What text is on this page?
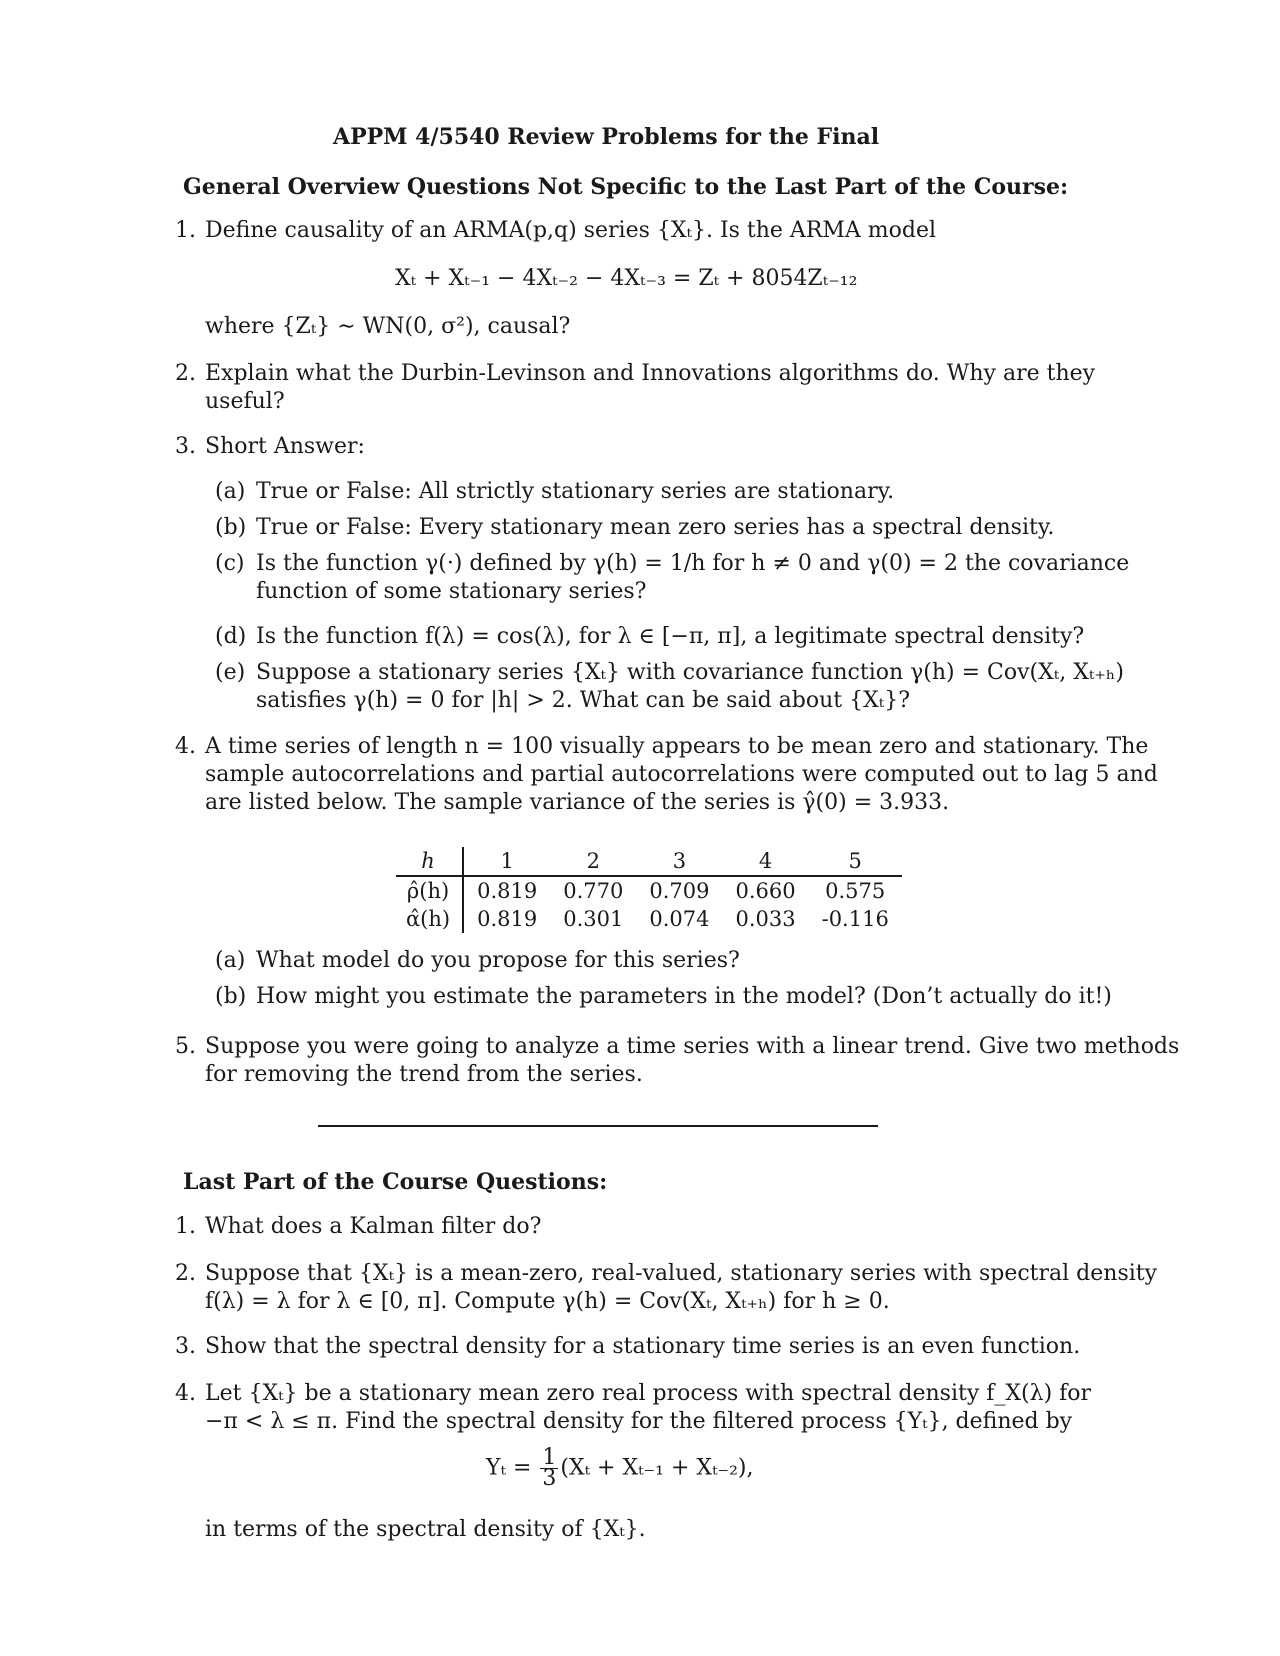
APPM 4/5540 Review Problems for the Final
General Overview Questions Not Specific to the Last Part of the Course:
1. Define causality of an ARMA(p,q) series {Xₜ}. Is the ARMA model
Xₜ + Xₜ₋₁ − 4Xₜ₋₂ − 4Xₜ₋₃ = Zₜ + 8054Zₜ₋₁₂
where {Zₜ} ∼ WN(0, σ²), causal?
2. Explain what the Durbin-Levinson and Innovations algorithms do. Why are they
useful?
3. Short Answer:
(a) True or False: All strictly stationary series are stationary.
(b) True or False: Every stationary mean zero series has a spectral density.
(c) Is the function γ(·) defined by γ(h) = 1/h for h ≠ 0 and γ(0) = 2 the covariance
function of some stationary series?
(d) Is the function f(λ) = cos(λ), for λ ∈ [−π, π], a legitimate spectral density?
(e) Suppose a stationary series {Xₜ} with covariance function γ(h) = Cov(Xₜ, Xₜ₊ₕ)
satisfies γ(h) = 0 for |h| > 2. What can be said about {Xₜ}?
4. A time series of length n = 100 visually appears to be mean zero and stationary. The
sample autocorrelations and partial autocorrelations were computed out to lag 5 and
are listed below. The sample variance of the series is γ̂(0) = 3.933.
h	1	2	3	4	5
ρ̂(h)	0.819	0.770	0.709	0.660	0.575
α̂(h)	0.819	0.301	0.074	0.033	-0.116
(a) What model do you propose for this series?
(b) How might you estimate the parameters in the model? (Don’t actually do it!)
5. Suppose you were going to analyze a time series with a linear trend. Give two methods
for removing the trend from the series.
Last Part of the Course Questions:
1. What does a Kalman filter do?
2. Suppose that {Xₜ} is a mean-zero, real-valued, stationary series with spectral density
f(λ) = λ for λ ∈ [0, π]. Compute γ(h) = Cov(Xₜ, Xₜ₊ₕ) for h ≥ 0.
3. Show that the spectral density for a stationary time series is an even function.
4. Let {Xₜ} be a stationary mean zero real process with spectral density f_X(λ) for
−π < λ ≤ π. Find the spectral density for the filtered process {Yₜ}, defined by
$Y_t = \frac{1}{3} (X_t + X_{t-1} + X_{t-2})$,
in terms of the spectral density of {Xₜ}.
